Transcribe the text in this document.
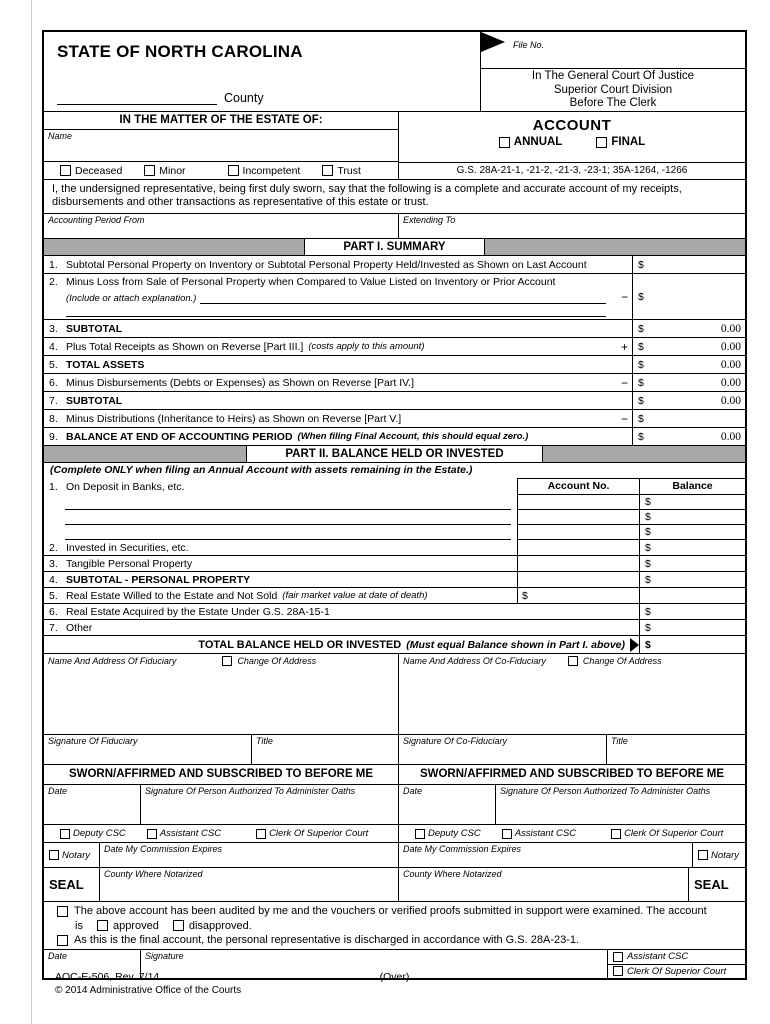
STATE OF NORTH CAROLINA
County
File No.
In The General Court Of Justice
Superior Court Division
Before The Clerk
IN THE MATTER OF THE ESTATE OF:
Name
Deceased	Minor	Incompetent	Trust
ACCOUNT
ANNUAL	FINAL
G.S. 28A-21-1, -21-2, -21-3, -23-1; 35A-1264, -1266
I, the undersigned representative, being first duly sworn, say that the following is a complete and accurate account of my receipts, disbursements and other transactions as representative of this estate or trust.
Accounting Period From	Extending To
PART I. SUMMARY
1. Subtotal Personal Property on Inventory or Subtotal Personal Property Held/Invested as Shown on Last Account	$
2. Minus Loss from Sale of Personal Property when Compared to Value Listed on Inventory or Prior Account
(Include or attach explanation.)	− $
3. SUBTOTAL	$	0.00
4. Plus Total Receipts as Shown on Reverse [Part III.] (costs apply to this amount)	+ $	0.00
5. TOTAL ASSETS	$	0.00
6. Minus Disbursements (Debts or Expenses) as Shown on Reverse [Part IV.]	− $	0.00
7. SUBTOTAL	$	0.00
8. Minus Distributions (Inheritance to Heirs) as Shown on Reverse [Part V.]	− $
9. BALANCE AT END OF ACCOUNTING PERIOD (When filing Final Account, this should equal zero.)	$	0.00
PART II. BALANCE HELD OR INVESTED
(Complete ONLY when filing an Annual Account with assets remaining in the Estate.)
1. On Deposit in Banks, etc.	Account No.	Balance
$
$
$
2. Invested in Securities, etc.	$
3. Tangible Personal Property	$
4. SUBTOTAL - PERSONAL PROPERTY	$
5. Real Estate Willed to the Estate and Not Sold (fair market value at date of death)	$
6. Real Estate Acquired by the Estate Under G.S. 28A-15-1	$
7. Other	$
TOTAL BALANCE HELD OR INVESTED (Must equal Balance shown in Part I. above) $
Name And Address Of Fiduciary	Change Of Address
Signature Of Fiduciary	Title
Name And Address Of Co-Fiduciary	Change Of Address
Signature Of Co-Fiduciary	Title
SWORN/AFFIRMED AND SUBSCRIBED TO BEFORE ME
Date	Signature Of Person Authorized To Administer Oaths
Deputy CSC	Assistant CSC	Clerk Of Superior Court
Notary
Date My Commission Expires
SEAL
County Where Notarized
SWORN/AFFIRMED AND SUBSCRIBED TO BEFORE ME
Date	Signature Of Person Authorized To Administer Oaths
Deputy CSC	Assistant CSC	Clerk Of Superior Court
Date My Commission Expires
Notary
County Where Notarized
SEAL
The above account has been audited by me and the vouchers or verified proofs submitted in support were examined. The account
is	approved	disapproved.
As this is the final account, the personal representative is discharged in accordance with G.S. 28A-23-1.
Date	Signature	Assistant CSC
Clerk Of Superior Court
AOC-E-506, Rev. 7/14	(Over)
© 2014 Administrative Office of the Courts
